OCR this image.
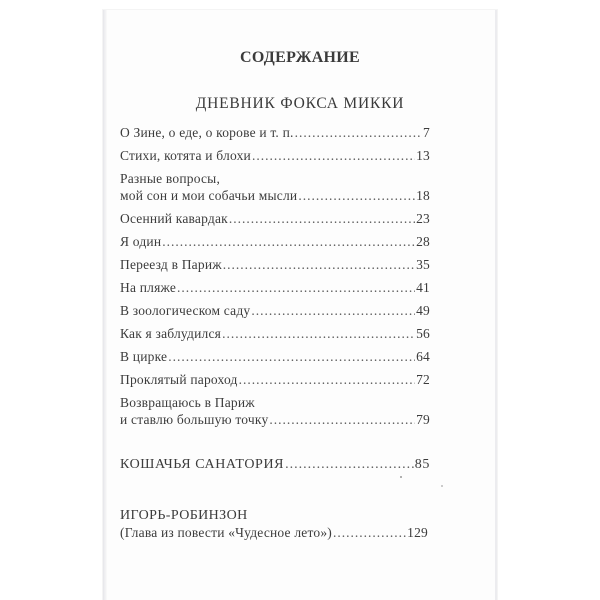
СОДЕРЖАНИЕ
ДНЕВНИК ФОКСА МИККИ
О Зине, о еде, о корове и т. п. .....	7
Стихи, котята и блохи .....	13
Разные вопросы,
мой сон и мои собачьи мысли .....	18
Осенний кавардак .....	23
Я один .....	28
Переезд в Париж .....	35
На пляже .....	41
В зоологическом саду .....	49
Как я заблудился .....	56
В цирке .....	64
Проклятый пароход .....	72
Возвращаюсь в Париж
и ставлю большую точку .....	79
КОШАЧЬЯ САНАТОРИЯ .....	85
ИГОРЬ-РОБИНЗОН
(Глава из повести «Чудесное лето») .....	129
